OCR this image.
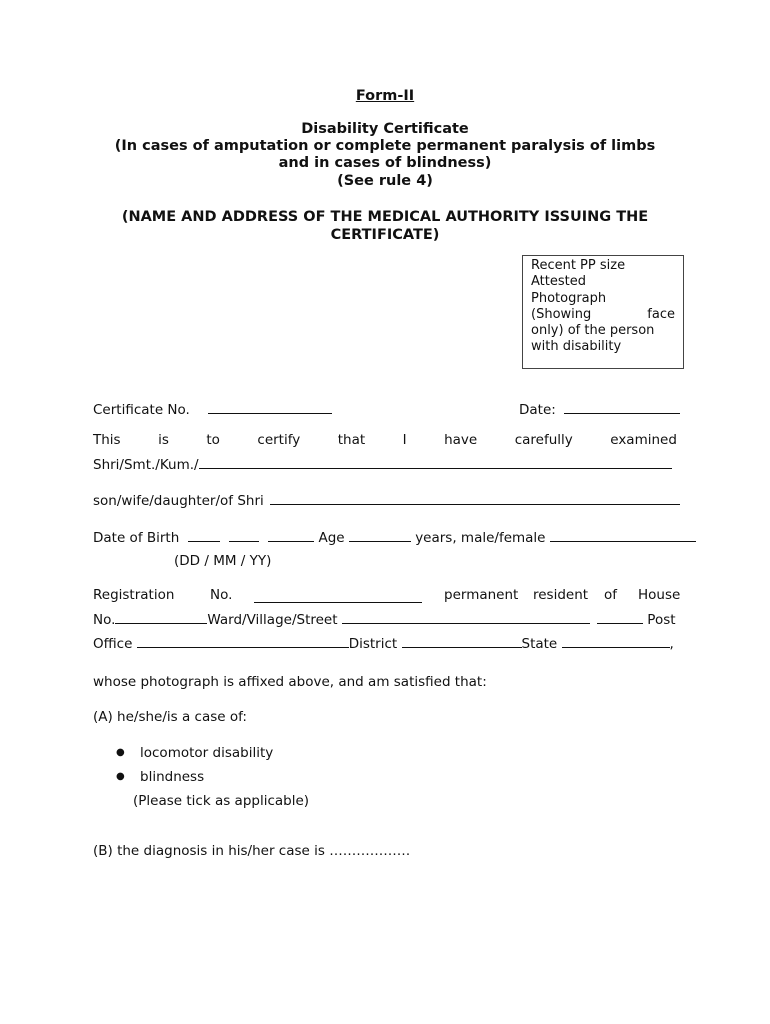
Form-II
Disability Certificate
(In cases of amputation or complete permanent paralysis of limbs
and in cases of blindness)
(See rule 4)
(NAME AND ADDRESS OF THE MEDICAL AUTHORITY ISSUING THE
CERTIFICATE)
Recent PP size
Attested
Photograph
(Showing	face
only) of the person
with disability
Certificate No.	Date:
This	is	to	certify	that	I	have	carefully	examined
Shri/Smt./Kum./
son/wife/daughter/of Shri
Date of Birth	Age	years, male/female
(DD / MM / YY)
Registration	No.	permanent resident of House
No.	Ward/Village/Street	Post
Office	District	State	,
whose photograph is affixed above, and am satisfied that:
(A) he/she/is a case of:
● locomotor disability
● blindness
(Please tick as applicable)
(B) the diagnosis in his/her case is ………………
